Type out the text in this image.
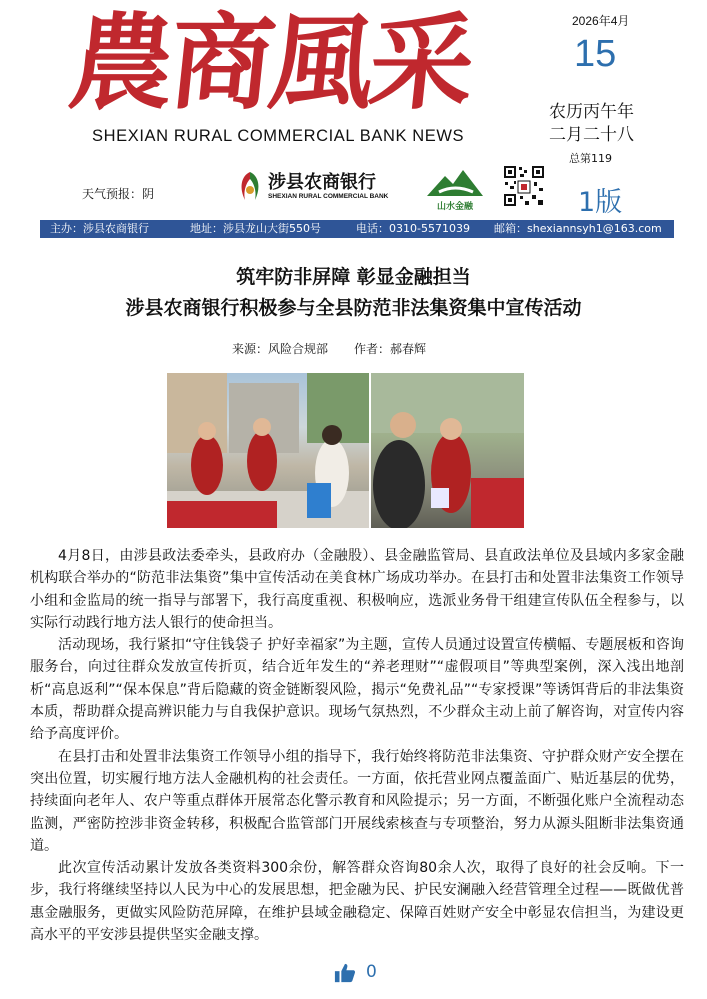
農商風采
SHEXIAN RURAL COMMERCIAL BANK NEWS
2026年4月
15
农历丙午年
二月二十八
总第119
1版
天气预报：阴
涉县农商银行
SHEXIAN RURAL COMMERCIAL BANK
山水金融
主办：涉县农商银行	地址：涉县龙山大街550号	电话：0310-5571039 邮箱：shexiannsyh1@163.com
筑牢防非屏障 彰显金融担当
涉县农商银行积极参与全县防范非法集资集中宣传活动
来源：风险合规部 作者：郝春辉

4月8日，由涉县政法委牵头，县政府办（金融股）、县金融监管局、县直政法单位及县域内多家金融机构联合举办的“防范非法集资”集中宣传活动在美食林广场成功举办。在县打击和处置非法集资工作领导小组和金监局的统一指导与部署下，我行高度重视、积极响应，选派业务骨干组建宣传队伍全程参与，以实际行动践行地方法人银行的使命担当。

活动现场，我行紧扣“守住钱袋子 护好幸福家”为主题，宣传人员通过设置宣传横幅、专题展板和咨询服务台，向过往群众发放宣传折页，结合近年发生的“养老理财”“虚假项目”等典型案例，深入浅出地剖析“高息返利”“保本保息”背后隐藏的资金链断裂风险，揭示“免费礼品”“专家授课”等诱饵背后的非法集资本质，帮助群众提高辨识能力与自我保护意识。现场气氛热烈，不少群众主动上前了解咨询，对宣传内容给予高度评价。

在县打击和处置非法集资工作领导小组的指导下，我行始终将防范非法集资、守护群众财产安全摆在突出位置，切实履行地方法人金融机构的社会责任。一方面，依托营业网点覆盖面广、贴近基层的优势，持续面向老年人、农户等重点群体开展常态化警示教育和风险提示；另一方面，不断强化账户全流程动态监测，严密防控涉非资金转移，积极配合监管部门开展线索核查与专项整治，努力从源头阻断非法集资通道。

此次宣传活动累计发放各类资料300余份，解答群众咨询80余人次，取得了良好的社会反响。下一步，我行将继续坚持以人民为中心的发展思想，把金融为民、护民安澜融入经营管理全过程——既做优普惠金融服务，更做实风险防范屏障，在维护县域金融稳定、保障百姓财产安全中彰显农信担当，为建设更高水平的平安涉县提供坚实金融支撑。

0
